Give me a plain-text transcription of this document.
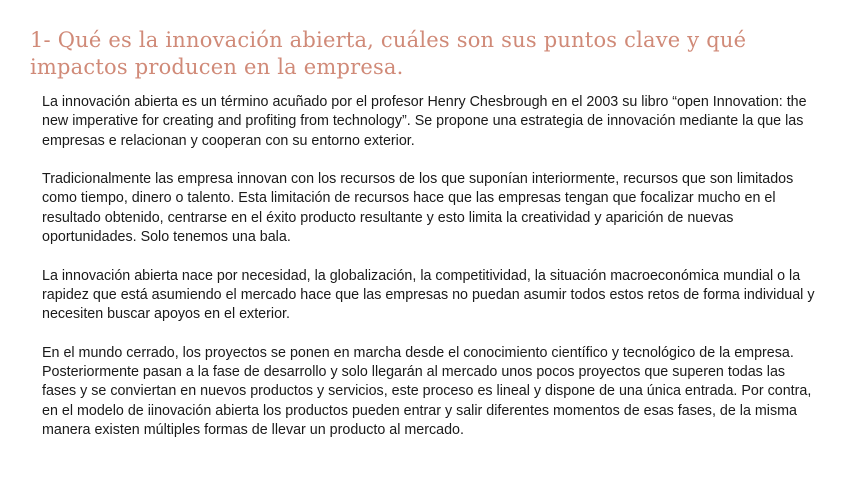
1- Qué es la innovación abierta, cuáles son sus puntos clave y qué impactos producen en la empresa.

La innovación abierta es un término acuñado por el profesor Henry Chesbrough en el 2003 su libro “open Innovation: the new imperative for creating and profiting from technology”. Se propone una estrategia de innovación mediante la que las empresas e relacionan y cooperan con su entorno exterior.

Tradicionalmente las empresa innovan con los recursos de los que suponían interiormente, recursos que son limitados como tiempo, dinero o talento. Esta limitación de recursos hace que las empresas tengan que focalizar mucho en el resultado obtenido, centrarse en el éxito producto resultante y esto limita la creatividad y aparición de nuevas oportunidades. Solo tenemos una bala.

La innovación abierta nace por necesidad, la globalización, la competitividad, la situación macroeconómica mundial o la rapidez que está asumiendo el mercado hace que las empresas no puedan asumir todos estos retos de forma individual y necesiten buscar apoyos en el exterior.

En el mundo cerrado, los proyectos se ponen en marcha desde el conocimiento científico y tecnológico de la empresa. Posteriormente pasan a la fase de desarrollo y solo llegarán al mercado unos pocos proyectos que superen todas las fases y se conviertan en nuevos productos y servicios, este proceso es lineal y dispone de una única entrada. Por contra, en el modelo de iinovación abierta los productos pueden entrar y salir diferentes momentos de esas fases, de la misma manera existen múltiples formas de llevar un producto al mercado.
